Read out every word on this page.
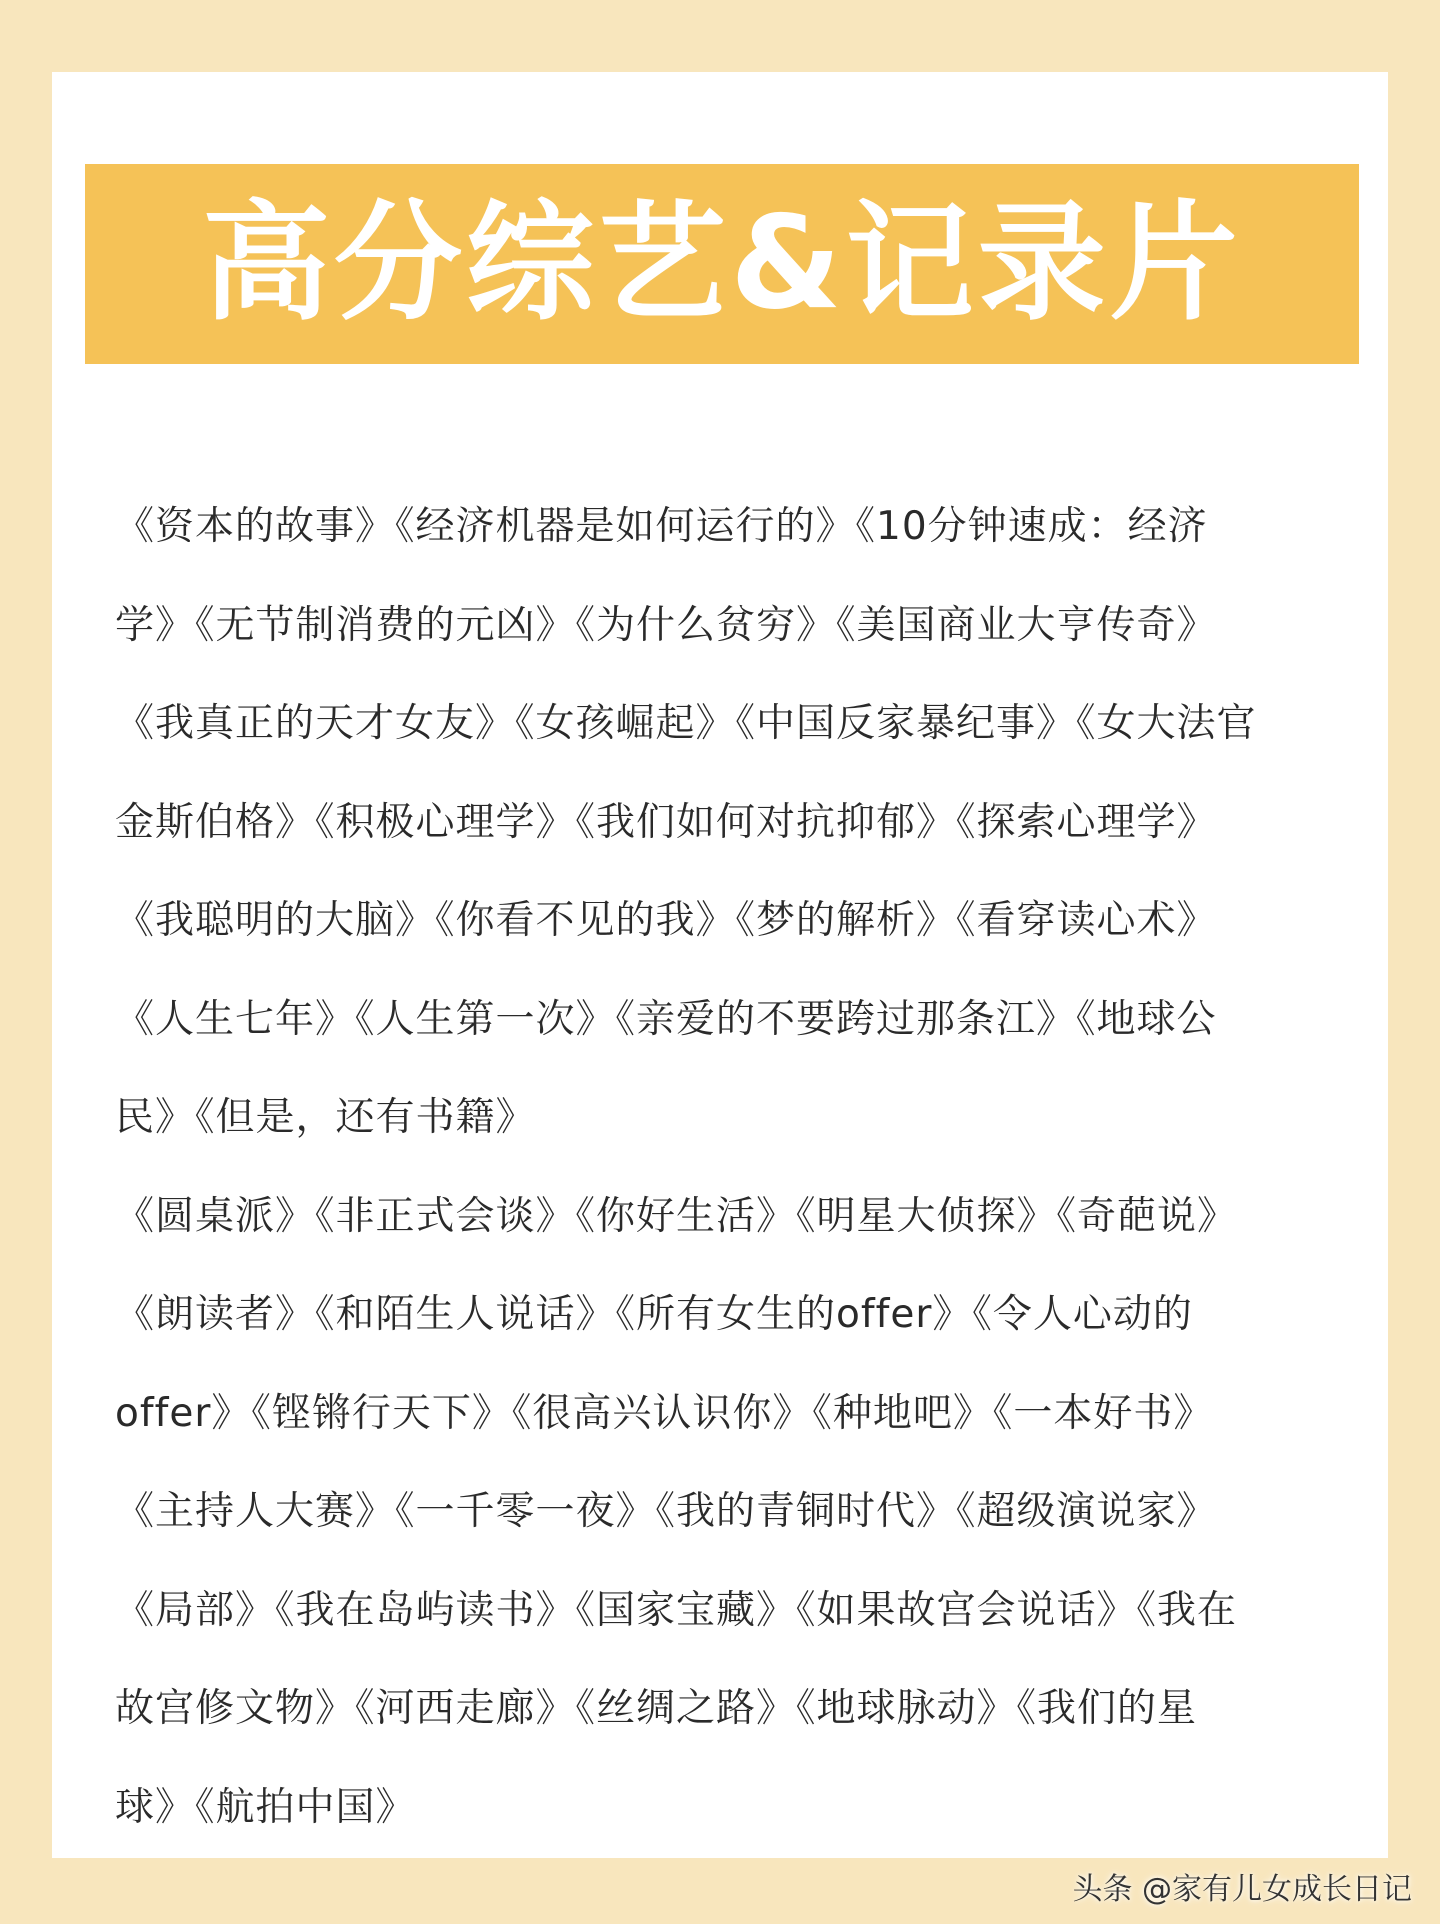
高分综艺&记录片
《资本的故事》《经济机器是如何运行的》《10分钟速成：经济
学》《无节制消费的元凶》《为什么贫穷》《美国商业大亨传奇》
《我真正的天才女友》《女孩崛起》《中国反家暴纪事》《女大法官
金斯伯格》《积极心理学》《我们如何对抗抑郁》《探索心理学》
《我聪明的大脑》《你看不见的我》《梦的解析》《看穿读心术》
《人生七年》《人生第一次》《亲爱的不要跨过那条江》《地球公
民》《但是，还有书籍》
《圆桌派》《非正式会谈》《你好生活》《明星大侦探》《奇葩说》
《朗读者》《和陌生人说话》《所有女生的offer》《令人心动的
offer》《铿锵行天下》《很高兴认识你》《种地吧》《一本好书》
《主持人大赛》《一千零一夜》《我的青铜时代》《超级演说家》
《局部》《我在岛屿读书》《国家宝藏》《如果故宫会说话》《我在
故宫修文物》《河西走廊》《丝绸之路》《地球脉动》《我们的星
球》《航拍中国》
头条 @家有儿女成长日记
